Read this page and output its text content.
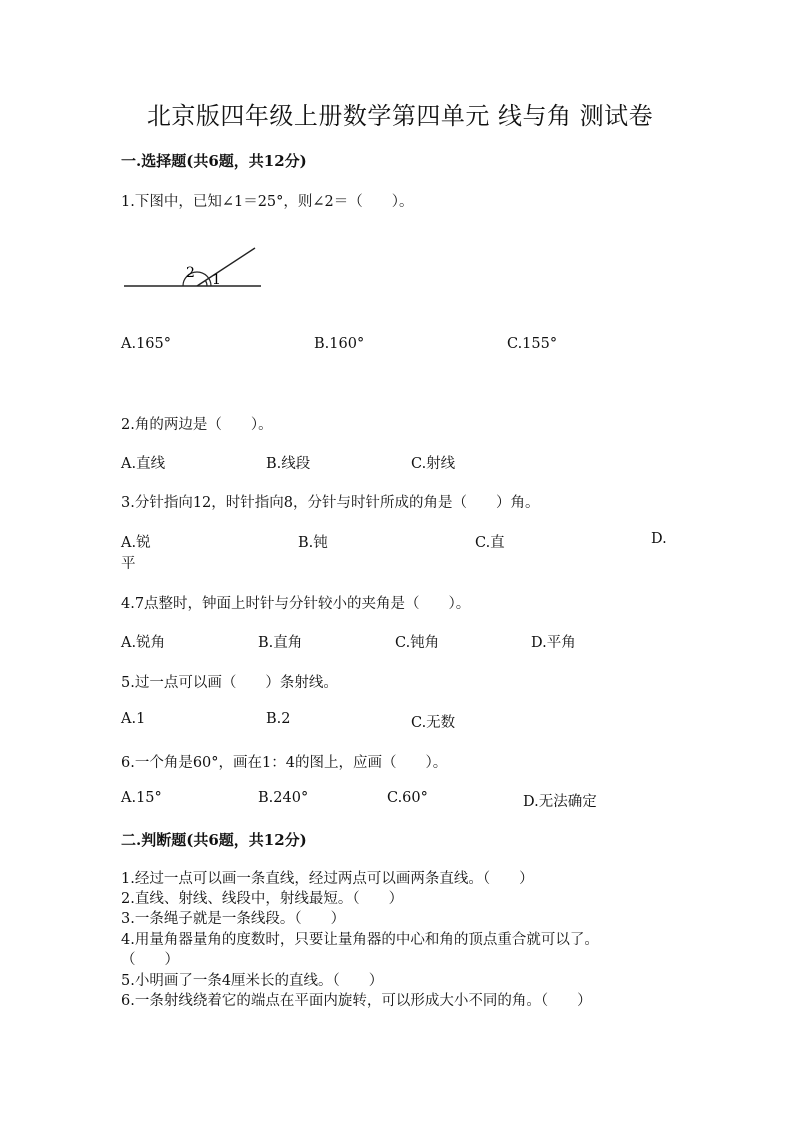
北京版四年级上册数学第四单元 线与角 测试卷
一.选择题(共6题，共12分)
1.下图中，已知∠1＝25°，则∠2＝（　　）。
2 1
A.165°	B.160°	C.155°
2.角的两边是（　　）。
A.直线	B.线段	C.射线
3.分针指向12，时针指向8，分针与时针所成的角是（　　）角。
A.锐	B.钝	C.直	D.
平
4.7点整时，钟面上时针与分针较小的夹角是（　　）。
A.锐角	B.直角	C.钝角	D.平角
5.过一点可以画（　　）条射线。
A.1	B.2	C.无数
6.一个角是60°，画在1：4的图上，应画（　　）。
A.15°	B.240°	C.60°	D.无法确定
二.判断题(共6题，共12分)
1.经过一点可以画一条直线，经过两点可以画两条直线。（　　）
2.直线、射线、线段中，射线最短。（　　）
3.一条绳子就是一条线段。（　　）
4.用量角器量角的度数时，只要让量角器的中心和角的顶点重合就可以了。
（　　）
5.小明画了一条4厘米长的直线。（　　）
6.一条射线绕着它的端点在平面内旋转，可以形成大小不同的角。（　　）
